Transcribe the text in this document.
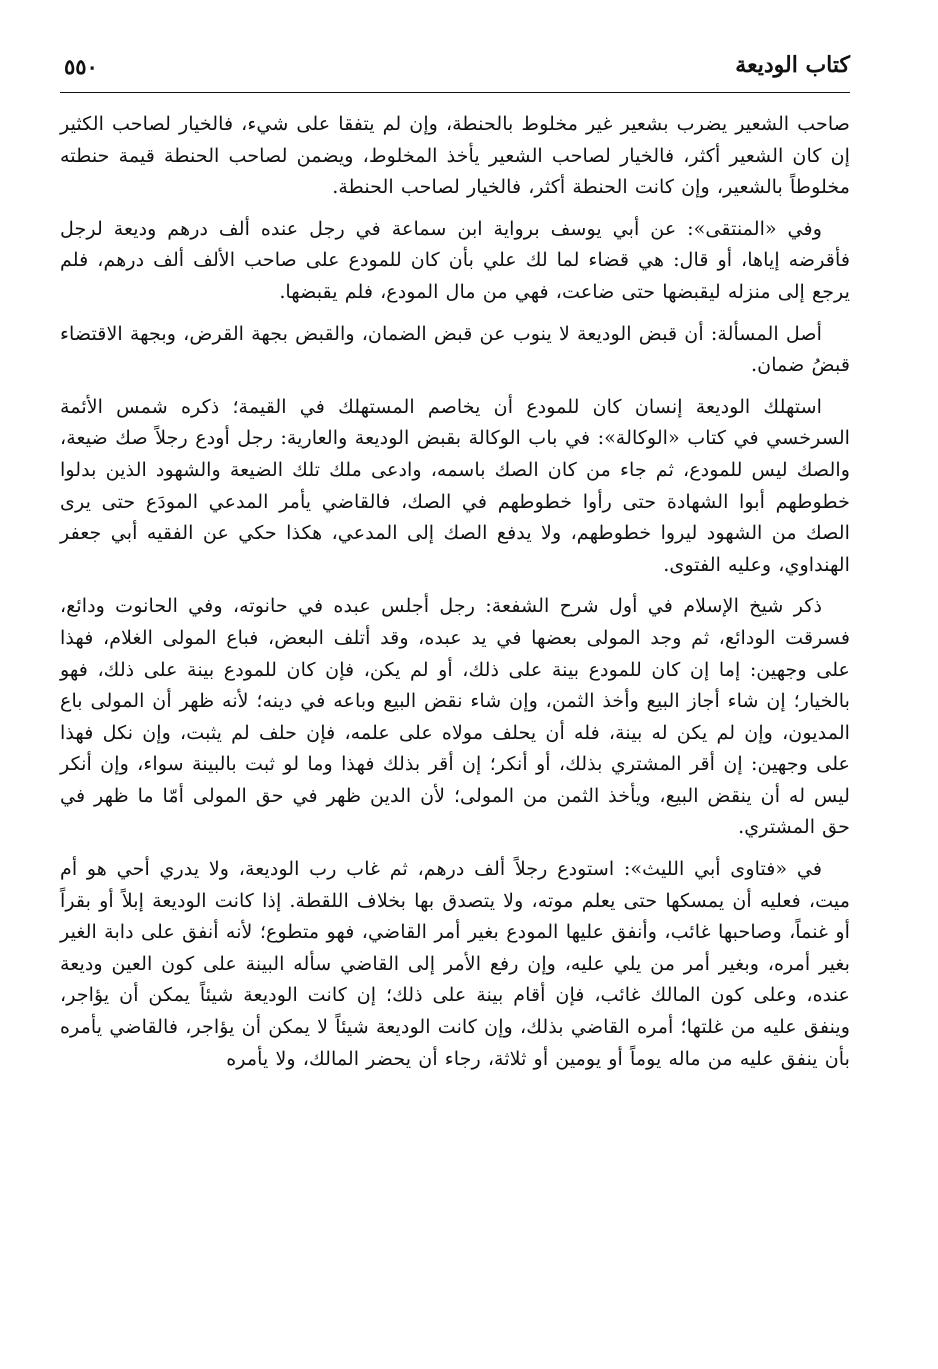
كتاب الوديعة
٥٥٠

صاحب الشعير يضرب بشعير غير مخلوط بالحنطة، وإن لم يتفقا على شيء، فالخيار لصاحب الكثير إن كان الشعير أكثر، فالخيار لصاحب الشعير يأخذ المخلوط، ويضمن لصاحب الحنطة قيمة حنطته مخلوطاً بالشعير، وإن كانت الحنطة أكثر، فالخيار لصاحب الحنطة.

وفي «المنتقى»: عن أبي يوسف برواية ابن سماعة في رجل عنده ألف درهم وديعة لرجل فأقرضه إياها، أو قال: هي قضاء لما لك علي بأن كان للمودع على صاحب الألف ألف درهم، فلم يرجع إلى منزله ليقبضها حتى ضاعت، فهي من مال المودع، فلم يقبضها.

أصل المسألة: أن قبض الوديعة لا ينوب عن قبض الضمان، والقبض بجهة القرض، وبجهة الاقتضاء قبضُ ضمان.

استهلك الوديعة إنسان كان للمودع أن يخاصم المستهلك في القيمة؛ ذكره شمس الأئمة السرخسي في كتاب «الوكالة»: في باب الوكالة بقبض الوديعة والعارية: رجل أودع رجلاً صك ضيعة، والصك ليس للمودع، ثم جاء من كان الصك باسمه، وادعى ملك تلك الضيعة والشهود الذين بدلوا خطوطهم أبوا الشهادة حتى رأوا خطوطهم في الصك، فالقاضي يأمر المدعي المودَع حتى يرى الصك من الشهود ليروا خطوطهم، ولا يدفع الصك إلى المدعي، هكذا حكي عن الفقيه أبي جعفر الهنداوي، وعليه الفتوى.

ذكر شيخ الإسلام في أول شرح الشفعة: رجل أجلس عبده في حانوته، وفي الحانوت ودائع، فسرقت الودائع، ثم وجد المولى بعضها في يد عبده، وقد أتلف البعض، فباع المولى الغلام، فهذا على وجهين: إما إن كان للمودع بينة على ذلك، أو لم يكن، فإن كان للمودع بينة على ذلك، فهو بالخيار؛ إن شاء أجاز البيع وأخذ الثمن، وإن شاء نقض البيع وباعه في دينه؛ لأنه ظهر أن المولى باع المديون، وإن لم يكن له بينة، فله أن يحلف مولاه على علمه، فإن حلف لم يثبت، وإن نكل فهذا على وجهين: إن أقر المشتري بذلك، أو أنكر؛ إن أقر بذلك فهذا وما لو ثبت بالبينة سواء، وإن أنكر ليس له أن ينقض البيع، ويأخذ الثمن من المولى؛ لأن الدين ظهر في حق المولى أمّا ما ظهر في حق المشتري.

في «فتاوى أبي الليث»: استودع رجلاً ألف درهم، ثم غاب رب الوديعة، ولا يدري أحي هو أم ميت، فعليه أن يمسكها حتى يعلم موته، ولا يتصدق بها بخلاف اللقطة. إذا كانت الوديعة إبلاً أو بقراً أو غنماً، وصاحبها غائب، وأنفق عليها المودع بغير أمر القاضي، فهو متطوع؛ لأنه أنفق على دابة الغير بغير أمره، وبغير أمر من يلي عليه، وإن رفع الأمر إلى القاضي سأله البينة على كون العين وديعة عنده، وعلى كون المالك غائب، فإن أقام بينة على ذلك؛ إن كانت الوديعة شيئاً يمكن أن يؤاجر، وينفق عليه من غلتها؛ أمره القاضي بذلك، وإن كانت الوديعة شيئاً لا يمكن أن يؤاجر، فالقاضي يأمره بأن ينفق عليه من ماله يوماً أو يومين أو ثلاثة، رجاء أن يحضر المالك، ولا يأمره
